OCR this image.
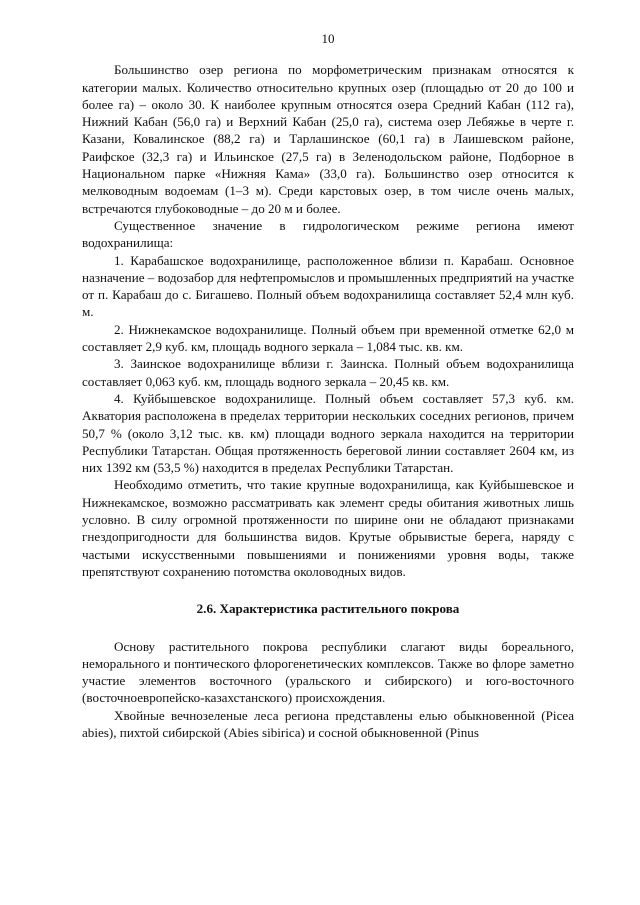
10

Большинство озер региона по морфометрическим признакам относятся к категории малых. Количество относительно крупных озер (площадью от 20 до 100 и более га) – около 30. К наиболее крупным относятся озера Средний Кабан (112 га), Нижний Кабан (56,0 га) и Верхний Кабан (25,0 га), система озер Лебяжье в черте г. Казани, Ковалинское (88,2 га) и Тарлашинское (60,1 га) в Лаишевском районе, Раифское (32,3 га) и Ильинское (27,5 га) в Зеленодольском районе, Подборное в Национальном парке «Нижняя Кама» (33,0 га). Большинство озер относится к мелководным водоемам (1–3 м). Среди карстовых озер, в том числе очень малых, встречаются глубоководные – до 20 м и более.

Существенное значение в гидрологическом режиме региона имеют водохранилища:

1. Карабашское водохранилище, расположенное вблизи п. Карабаш. Основное назначение – водозабор для нефтепромыслов и промышленных предприятий на участке от п. Карабаш до с. Бигашево. Полный объем водохранилища составляет 52,4 млн куб. м.

2. Нижнекамское водохранилище. Полный объем при временной отметке 62,0 м составляет 2,9 куб. км, площадь водного зеркала – 1,084 тыс. кв. км.

3. Заинское водохранилище вблизи г. Заинска. Полный объем водохранилища составляет 0,063 куб. км, площадь водного зеркала – 20,45 кв. км.

4. Куйбышевское водохранилище. Полный объем составляет 57,3 куб. км. Акватория расположена в пределах территории нескольких соседних регионов, причем 50,7 % (около 3,12 тыс. кв. км) площади водного зеркала находится на территории Республики Татарстан. Общая протяженность береговой линии составляет 2604 км, из них 1392 км (53,5 %) находится в пределах Республики Татарстан.

Необходимо отметить, что такие крупные водохранилища, как Куйбышевское и Нижнекамское, возможно рассматривать как элемент среды обитания животных лишь условно. В силу огромной протяженности по ширине они не обладают признаками гнездопригодности для большинства видов. Крутые обрывистые берега, наряду с частыми искусственными повышениями и понижениями уровня воды, также препятствуют сохранению потомства околоводных видов.

2.6. Характеристика растительного покрова

Основу растительного покрова республики слагают виды бореального, неморального и понтического флорогенетических комплексов. Также во флоре заметно участие элементов восточного (уральского и сибирского) и юго-восточного (восточноевропейско-казахстанского) происхождения.

Хвойные вечнозеленые леса региона представлены елью обыкновенной (Picea abies), пихтой сибирской (Abies sibirica) и сосной обыкновенной (Pinus
